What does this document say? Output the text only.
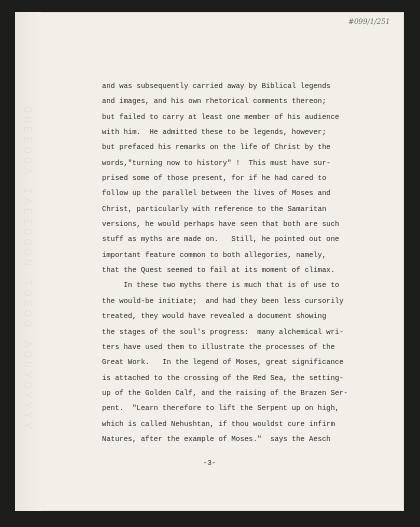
ΟΗΕΕΟΟΛ ΙΛΕΣΟΟΟΝ ΤΟΕΟΟ ΛΟΝΥΟΥΥΥΥ
#099/1/251
and was subsequently carried away by Biblical legends
and images, and his own rhetorical comments thereon;
but failed to carry at least one member of his audience
with him.  He admitted these to be legends, however;
but prefaced his remarks on the life of Christ by the
words,"turning now to history" !  This must have sur-
prised some of those present, for if he had cared to
follow up the parallel between the lives of Moses and
Christ, particularly with reference to the Samaritan
versions, he would perhaps have seen that both are such
stuff as myths are made on.   Still, he pointed out one
important feature common to both allegories, namely,
that the Quest seemed to fail at its moment of climax.
In these two myths there is much that is of use to
the would-be initiate;  and had they been less cursorily
treated, they would have revealed a document showing
the stages of the soul's progress:  many alchemical wri-
ters have used them to illustrate the processes of the
Great Work.   In the legend of Moses, great significance
is attached to the crossing of the Red Sea, the setting-
up of the Golden Calf, and the raising of the Brazen Ser-
pent.  "Learn therefore to lift the Serpent up on high,
which is called Nehushtan, if thou wouldst cure infirm
Natures, after the example of Moses."  says the Aesch
-3-
